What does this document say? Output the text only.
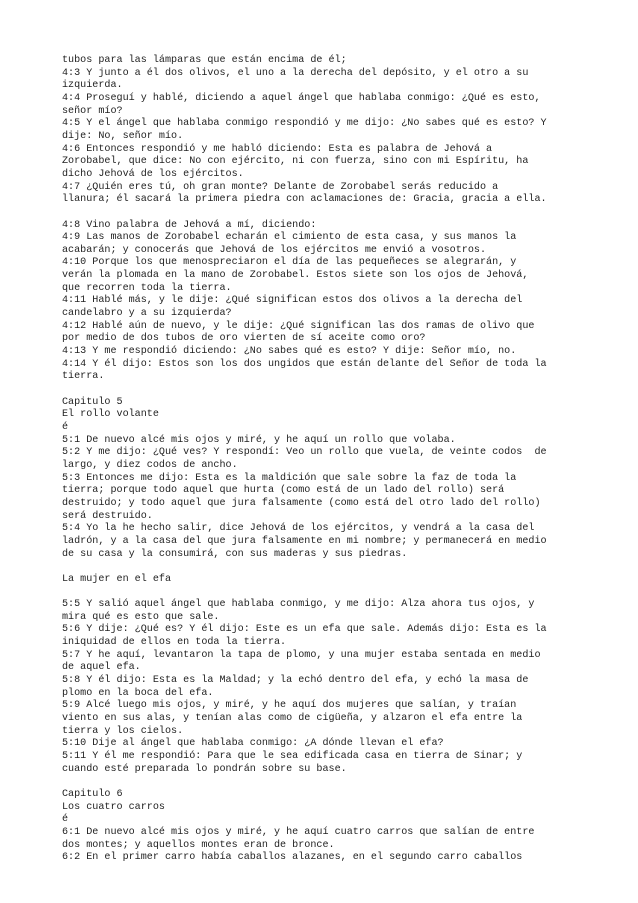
tubos para las lámparas que están encima de él;

4:3 Y junto a él dos olivos, el uno a la derecha del depósito, y el otro a su
izquierda.

4:4 Proseguí y hablé, diciendo a aquel ángel que hablaba conmigo: ¿Qué es esto,
señor mío?

4:5 Y el ángel que hablaba conmigo respondió y me dijo: ¿No sabes qué es esto? Y
dije: No, señor mío.

4:6 Entonces respondió y me habló diciendo: Esta es palabra de Jehová a
Zorobabel, que dice: No con ejército, ni con fuerza, sino con mi Espíritu, ha
dicho Jehová de los ejércitos.

4:7 ¿Quién eres tú, oh gran monte? Delante de Zorobabel serás reducido a
llanura; él sacará la primera piedra con aclamaciones de: Gracia, gracia a ella.

4:8 Vino palabra de Jehová a mí, diciendo:

4:9 Las manos de Zorobabel echarán el cimiento de esta casa, y sus manos la
acabarán; y conocerás que Jehová de los ejércitos me envió a vosotros.

4:10 Porque los que menospreciaron el día de las pequeñeces se alegrarán, y
verán la plomada en la mano de Zorobabel. Estos siete son los ojos de Jehová,
que recorren toda la tierra.

4:11 Hablé más, y le dije: ¿Qué significan estos dos olivos a la derecha del
candelabro y a su izquierda?

4:12 Hablé aún de nuevo, y le dije: ¿Qué significan las dos ramas de olivo que
por medio de dos tubos de oro vierten de sí aceite como oro?

4:13 Y me respondió diciendo: ¿No sabes qué es esto? Y dije: Señor mío, no.

4:14 Y él dijo: Estos son los dos ungidos que están delante del Señor de toda la
tierra.

Capitulo 5

El rollo volante

é

5:1 De nuevo alcé mis ojos y miré, y he aquí un rollo que volaba.

5:2 Y me dijo: ¿Qué ves? Y respondí: Veo un rollo que vuela, de veinte codos  de
largo, y diez codos de ancho.

5:3 Entonces me dijo: Esta es la maldición que sale sobre la faz de toda la
tierra; porque todo aquel que hurta (como está de un lado del rollo) será
destruido; y todo aquel que jura falsamente (como está del otro lado del rollo)
será destruido.

5:4 Yo la he hecho salir, dice Jehová de los ejércitos, y vendrá a la casa del
ladrón, y a la casa del que jura falsamente en mi nombre; y permanecerá en medio
de su casa y la consumirá, con sus maderas y sus piedras.

La mujer en el efa

5:5 Y salió aquel ángel que hablaba conmigo, y me dijo: Alza ahora tus ojos, y
mira qué es esto que sale.

5:6 Y dije: ¿Qué es? Y él dijo: Este es un efa que sale. Además dijo: Esta es la
iniquidad de ellos en toda la tierra.

5:7 Y he aquí, levantaron la tapa de plomo, y una mujer estaba sentada en medio
de aquel efa.

5:8 Y él dijo: Esta es la Maldad; y la echó dentro del efa, y echó la masa de
plomo en la boca del efa.

5:9 Alcé luego mis ojos, y miré, y he aquí dos mujeres que salían, y traían
viento en sus alas, y tenían alas como de cigüeña, y alzaron el efa entre la
tierra y los cielos.

5:10 Dije al ángel que hablaba conmigo: ¿A dónde llevan el efa?

5:11 Y él me respondió: Para que le sea edificada casa en tierra de Sinar; y
cuando esté preparada lo pondrán sobre su base.

Capitulo 6

Los cuatro carros

é

6:1 De nuevo alcé mis ojos y miré, y he aquí cuatro carros que salían de entre
dos montes; y aquellos montes eran de bronce.

6:2 En el primer carro había caballos alazanes, en el segundo carro caballos
